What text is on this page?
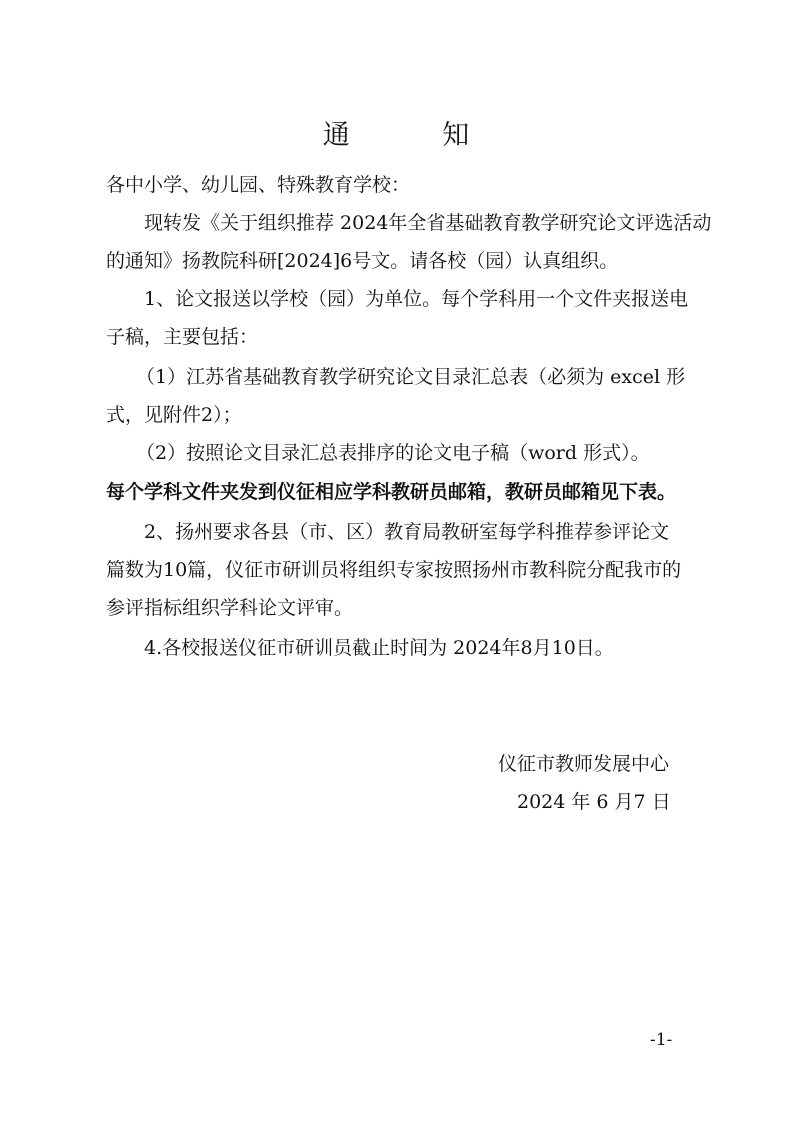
通 知
各中小学、幼儿园、特殊教育学校：
现转发《关于组织推荐 2024年全省基础教育教学研究论文评选活动
的通知》扬教院科研[2024]6号文。请各校（园）认真组织。
1、论文报送以学校（园）为单位。每个学科用一个文件夹报送电
子稿，主要包括：
（1）江苏省基础教育教学研究论文目录汇总表（必须为 excel 形
式，见附件2）；
（2）按照论文目录汇总表排序的论文电子稿（word 形式）。
每个学科文件夹发到仪征相应学科教研员邮箱，教研员邮箱见下表。
2、扬州要求各县（市、区）教育局教研室每学科推荐参评论文
篇数为10篇，仪征市研训员将组织专家按照扬州市教科院分配我市的
参评指标组织学科论文评审。
4.各校报送仪征市研训员截止时间为 2024年8月10日。
仪征市教师发展中心
2024 年 6 月7 日
-1-
